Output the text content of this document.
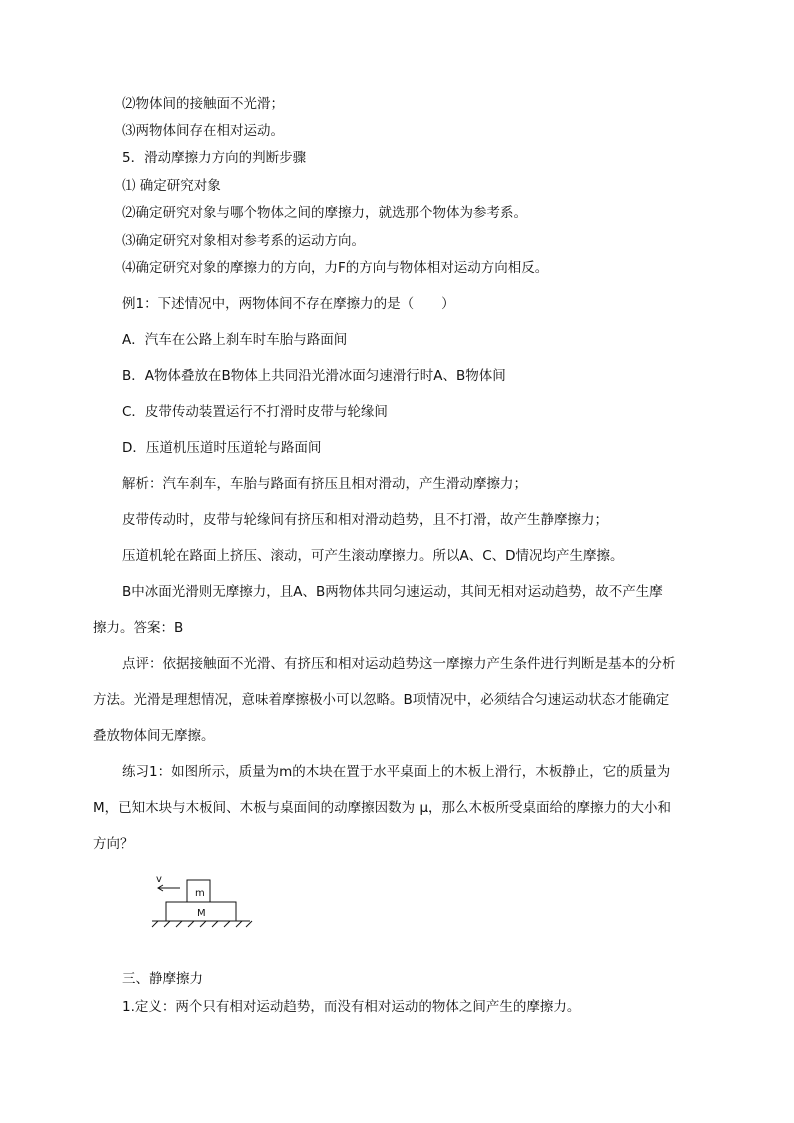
⑵物体间的接触面不光滑；
⑶两物体间存在相对运动。
5．滑动摩擦力方向的判断步骤
⑴ 确定研究对象
⑵确定研究对象与哪个物体之间的摩擦力，就选那个物体为参考系。
⑶确定研究对象相对参考系的运动方向。
⑷确定研究对象的摩擦力的方向，力F的方向与物体相对运动方向相反。
例1：下述情况中，两物体间不存在摩擦力的是（　　）
A．汽车在公路上刹车时车胎与路面间
B．A物体叠放在B物体上共同沿光滑冰面匀速滑行时A、B物体间
C．皮带传动装置运行不打滑时皮带与轮缘间
D．压道机压道时压道轮与路面间
解析：汽车刹车，车胎与路面有挤压且相对滑动，产生滑动摩擦力；
皮带传动时，皮带与轮缘间有挤压和相对滑动趋势，且不打滑，故产生静摩擦力；
压道机轮在路面上挤压、滚动，可产生滚动摩擦力。所以A、C、D情况均产生摩擦。
B中冰面光滑则无摩擦力，且A、B两物体共同匀速运动，其间无相对运动趋势，故不产生摩
擦力。答案：B
点评：依据接触面不光滑、有挤压和相对运动趋势这一摩擦力产生条件进行判断是基本的分析
方法。光滑是理想情况，意味着摩擦极小可以忽略。B项情况中，必须结合匀速运动状态才能确定
叠放物体间无摩擦。
练习1：如图所示，质量为m的木块在置于水平桌面上的木板上滑行，木板静止，它的质量为
M，已知木块与木板间、木板与桌面间的动摩擦因数为 μ，那么木板所受桌面给的摩擦力的大小和
方向？
v
m
M
三、静摩擦力
1.定义：两个只有相对运动趋势，而没有相对运动的物体之间产生的摩擦力。
